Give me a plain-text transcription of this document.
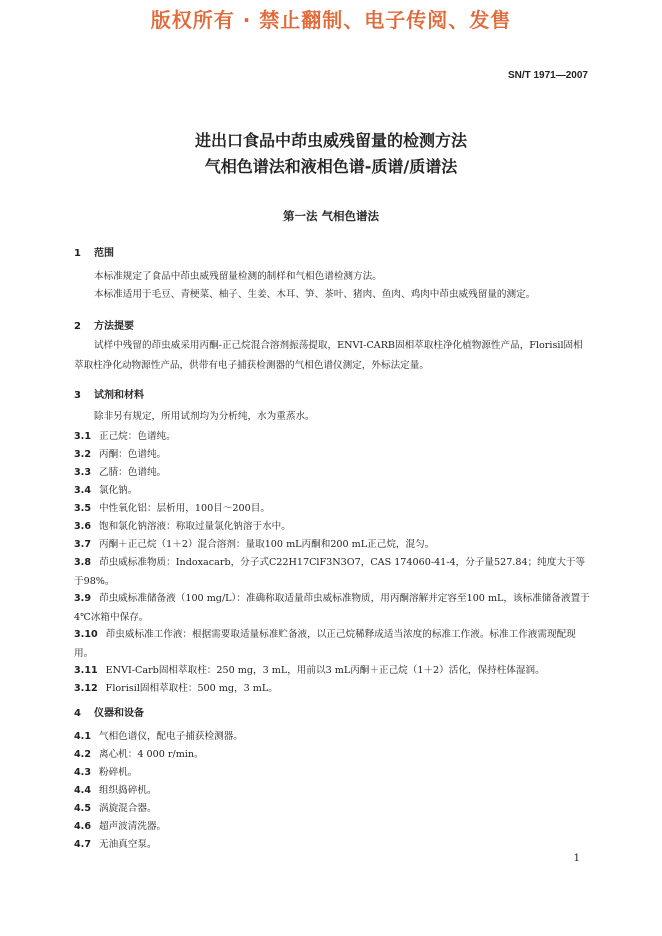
版权所有 · 禁止翻制、电子传阅、发售
SN/T 1971—2007
进出口食品中茚虫威残留量的检测方法
气相色谱法和液相色谱-质谱/质谱法
第一法 气相色谱法
1 范围
本标准规定了食品中茚虫威残留量检测的制样和气相色谱检测方法。
本标准适用于毛豆、青梗菜、柚子、生姜、木耳、笋、茶叶、猪肉、鱼肉、鸡肉中茚虫威残留量的测定。
2 方法提要
试样中残留的茚虫威采用丙酮-正己烷混合溶剂振荡提取，ENVI-CARB固相萃取柱净化植物源性产品，Florisil固相萃取柱净化动物源性产品，供带有电子捕获检测器的气相色谱仪测定，外标法定量。
3 试剂和材料
除非另有规定，所用试剂均为分析纯，水为重蒸水。
3.1 正己烷：色谱纯。
3.2 丙酮：色谱纯。
3.3 乙腈：色谱纯。
3.4 氯化钠。
3.5 中性氧化铝：层析用，100目～200目。
3.6 饱和氯化钠溶液：称取过量氯化钠溶于水中。
3.7 丙酮＋正己烷（1＋2）混合溶剂：量取100 mL丙酮和200 mL正己烷，混匀。
3.8 茚虫威标准物质：Indoxacarb，分子式C22H17ClF3N3O7，CAS 174060-41-4，分子量527.84；纯度大于等于98%。
3.9 茚虫威标准储备液（100 mg/L）：准确称取适量茚虫威标准物质，用丙酮溶解并定容至100 mL，该标准储备液置于4℃冰箱中保存。
3.10 茚虫威标准工作液：根据需要取适量标准贮备液，以正己烷稀释成适当浓度的标准工作液。标准工作液需现配现用。
3.11 ENVI-Carb固相萃取柱：250 mg，3 mL，用前以3 mL丙酮＋正己烷（1＋2）活化，保持柱体湿润。
3.12 Florisil固相萃取柱：500 mg，3 mL。
4 仪器和设备
4.1 气相色谱仪，配电子捕获检测器。
4.2 离心机：4 000 r/min。
4.3 粉碎机。
4.4 组织捣碎机。
4.5 涡旋混合器。
4.6 超声波清洗器。
4.7 无油真空泵。
1
